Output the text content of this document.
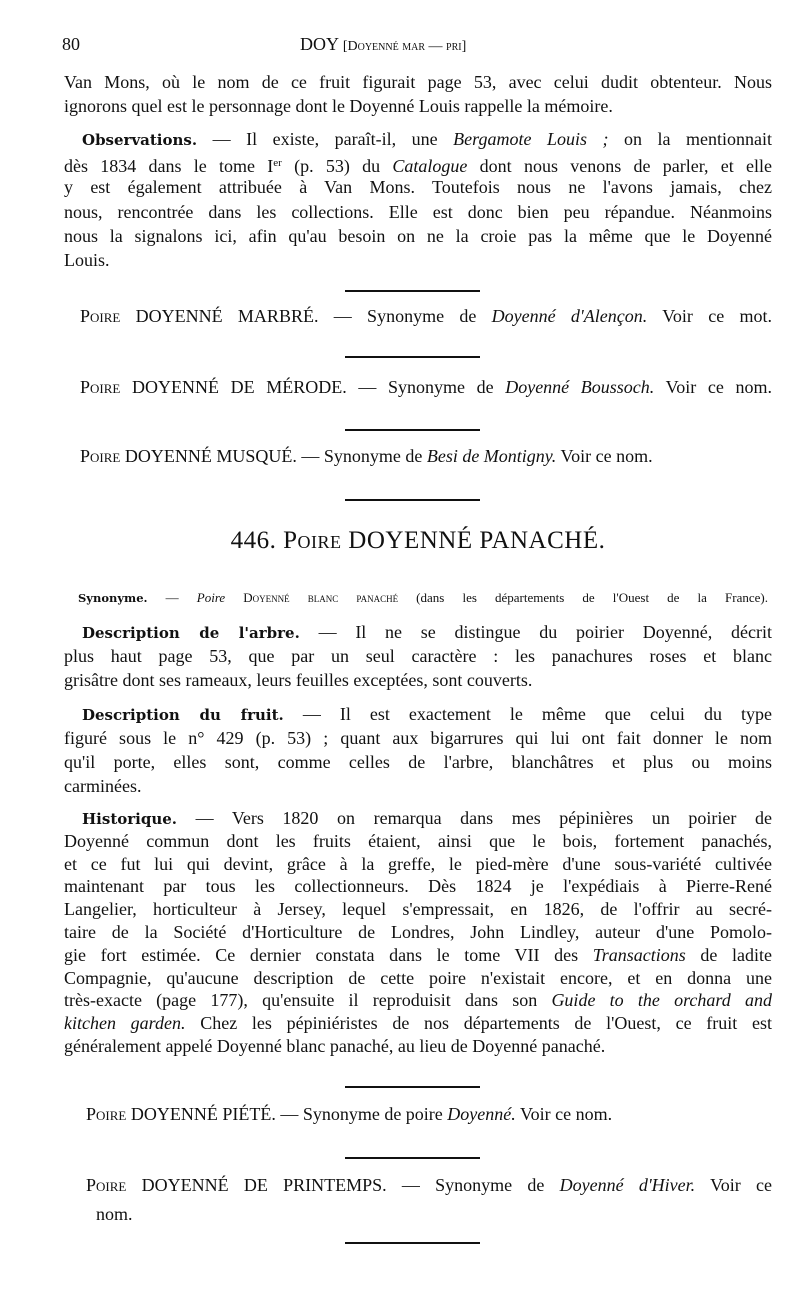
80	DOY [Doyenné mar — pri]
Van Mons, où le nom de ce fruit figurait page 53, avec celui dudit obtenteur. Nous
ignorons quel est le personnage dont le Doyenné Louis rappelle la mémoire.
Observations. — Il existe, paraît-il, une Bergamote Louis ; on la mentionnait
dès 1834 dans le tome Ier (p. 53) du Catalogue dont nous venons de parler, et elle
y est également attribuée à Van Mons. Toutefois nous ne l'avons jamais, chez
nous, rencontrée dans les collections. Elle est donc bien peu répandue. Néanmoins
nous la signalons ici, afin qu'au besoin on ne la croie pas la même que le Doyenné
Louis.
Poire DOYENNÉ MARBRÉ. — Synonyme de Doyenné d'Alençon. Voir ce mot.
Poire DOYENNÉ DE MÉRODE. — Synonyme de Doyenné Boussoch. Voir ce nom.
Poire DOYENNÉ MUSQUÉ. — Synonyme de Besi de Montigny. Voir ce nom.
446. Poire DOYENNÉ PANACHÉ.
Synonyme. — Poire Doyenné blanc panaché (dans les départements de l'Ouest de la France).
Description de l'arbre. — Il ne se distingue du poirier Doyenné, décrit
plus haut page 53, que par un seul caractère : les panachures roses et blanc
grisâtre dont ses rameaux, leurs feuilles exceptées, sont couverts.
Description du fruit. — Il est exactement le même que celui du type
figuré sous le n° 429 (p. 53) ; quant aux bigarrures qui lui ont fait donner le nom
qu'il porte, elles sont, comme celles de l'arbre, blanchâtres et plus ou moins
carminées.
Historique. — Vers 1820 on remarqua dans mes pépinières un poirier de
Doyenné commun dont les fruits étaient, ainsi que le bois, fortement panachés,
et ce fut lui qui devint, grâce à la greffe, le pied-mère d'une sous-variété cultivée
maintenant par tous les collectionneurs. Dès 1824 je l'expédiais à Pierre-René
Langelier, horticulteur à Jersey, lequel s'empressait, en 1826, de l'offrir au secré-
taire de la Société d'Horticulture de Londres, John Lindley, auteur d'une Pomolo-
gie fort estimée. Ce dernier constata dans le tome VII des Transactions de ladite
Compagnie, qu'aucune description de cette poire n'existait encore, et en donna une
très-exacte (page 177), qu'ensuite il reproduisit dans son Guide to the orchard and
kitchen garden. Chez les pépiniéristes de nos départements de l'Ouest, ce fruit est
généralement appelé Doyenné blanc panaché, au lieu de Doyenné panaché.
Poire DOYENNÉ PIÉTÉ. — Synonyme de poire Doyenné. Voir ce nom.
Poire DOYENNÉ DE PRINTEMPS. — Synonyme de Doyenné d'Hiver. Voir ce
nom.
